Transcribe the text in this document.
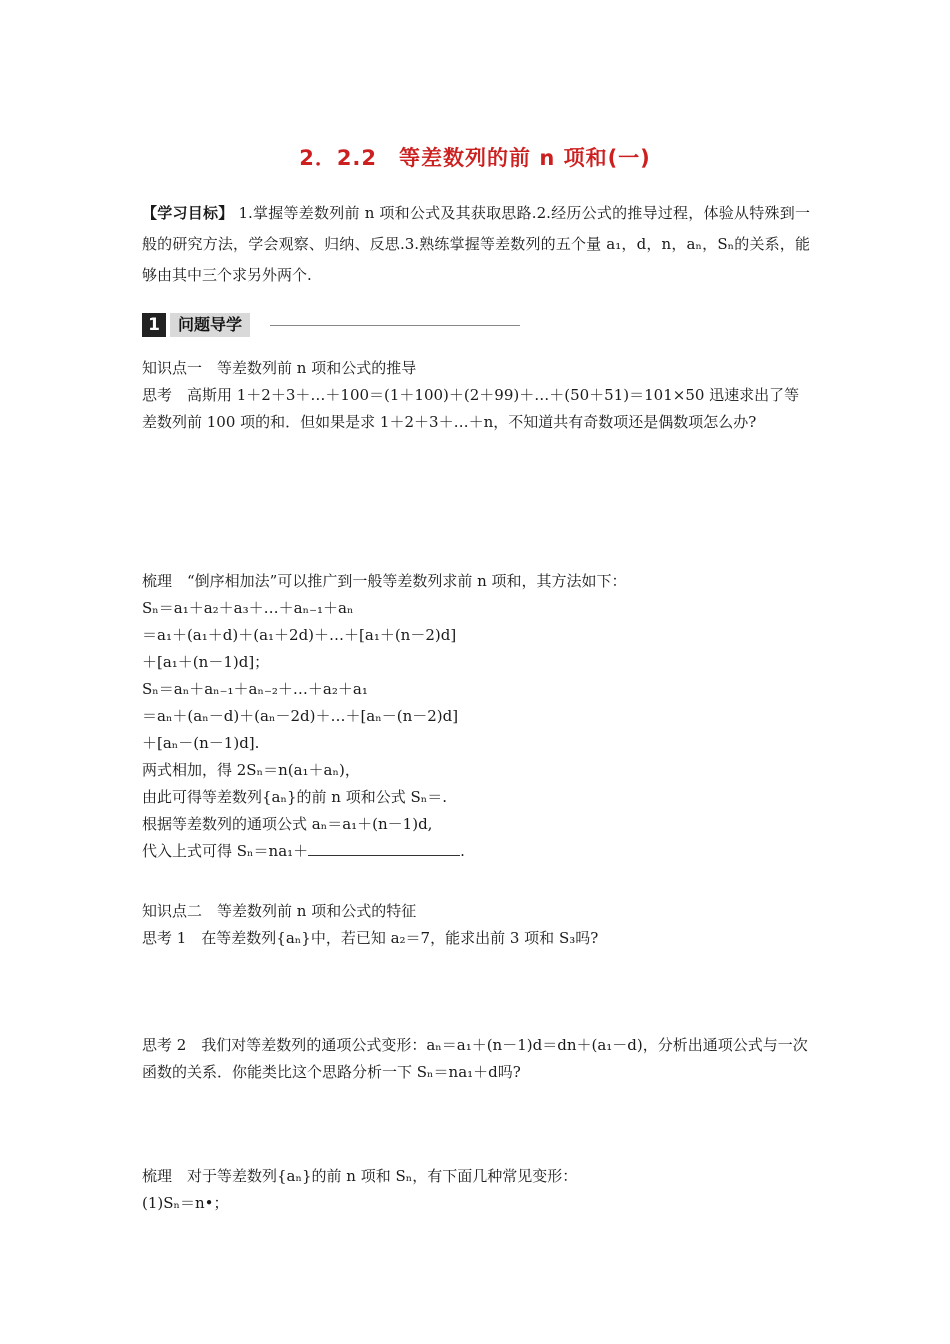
2．2.2　等差数列的前 n 项和(一)
【学习目标】 1.掌握等差数列前 n 项和公式及其获取思路.2.经历公式的推导过程，体验从特殊到一般的研究方法，学会观察、归纳、反思.3.熟练掌握等差数列的五个量 a₁，d，n，aₙ，Sₙ的关系，能够由其中三个求另外两个.
1	问题导学
知识点一　等差数列前 n 项和公式的推导
思考　高斯用 1＋2＋3＋…＋100＝(1＋100)＋(2＋99)＋…＋(50＋51)＝101×50 迅速求出了等差数列前 100 项的和．但如果是求 1＋2＋3＋…＋n，不知道共有奇数项还是偶数项怎么办?
梳理　“倒序相加法”可以推广到一般等差数列求前 n 项和，其方法如下：
Sₙ＝a₁＋a₂＋a₃＋…＋aₙ₋₁＋aₙ
＝a₁＋(a₁＋d)＋(a₁＋2d)＋…＋[a₁＋(n－2)d]
＋[a₁＋(n－1)d]；
Sₙ＝aₙ＋aₙ₋₁＋aₙ₋₂＋…＋a₂＋a₁
＝aₙ＋(aₙ－d)＋(aₙ－2d)＋…＋[aₙ－(n－2)d]
＋[aₙ－(n－1)d].
两式相加，得 2Sₙ＝n(a₁＋aₙ)，
由此可得等差数列{aₙ}的前 n 项和公式 Sₙ＝.
根据等差数列的通项公式 aₙ＝a₁＋(n－1)d,
代入上式可得 Sₙ＝na₁＋	.
知识点二　等差数列前 n 项和公式的特征
思考 1　在等差数列{aₙ}中，若已知 a₂＝7，能求出前 3 项和 S₃吗?
思考 2　我们对等差数列的通项公式变形：aₙ＝a₁＋(n－1)d＝dn＋(a₁－d)，分析出通项公式与一次函数的关系．你能类比这个思路分析一下 Sₙ＝na₁＋d吗?
梳理　对于等差数列{aₙ}的前 n 项和 Sₙ，有下面几种常见变形：
(1)Sₙ＝n•；
